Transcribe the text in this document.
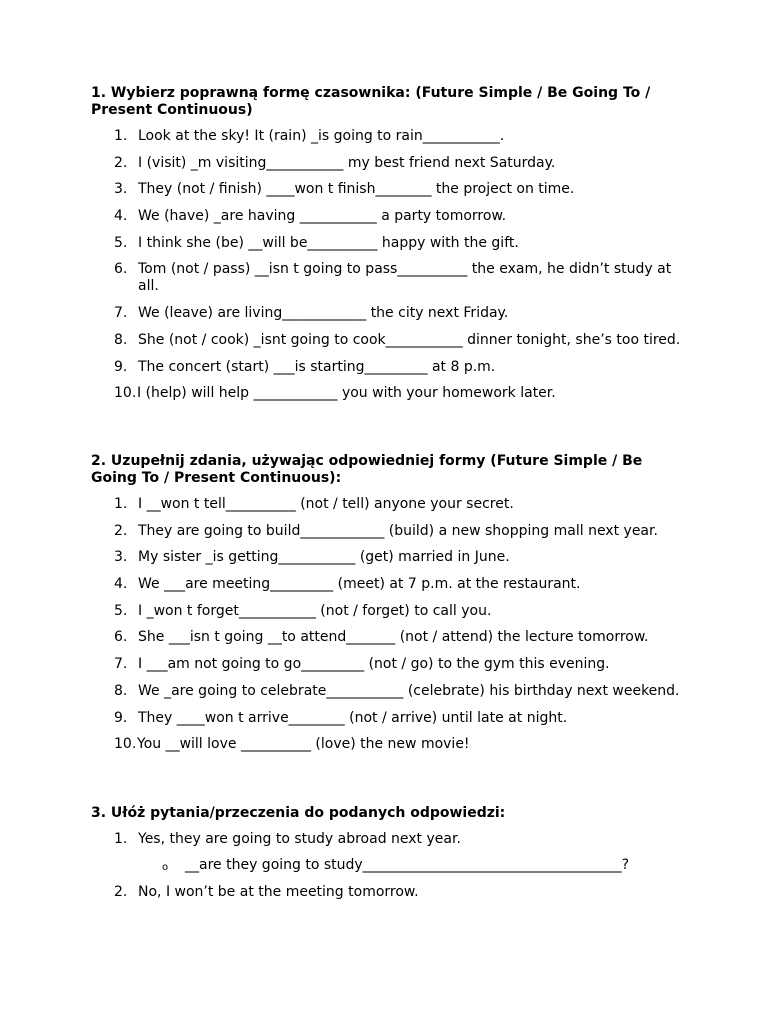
1. Wybierz poprawną formę czasownika: (Future Simple / Be Going To / Present Continuous)

1. Look at the sky! It (rain) _is going to rain___________.
2. I (visit) _m visiting___________ my best friend next Saturday.
3. They (not / finish) ____won t finish________ the project on time.
4. We (have) _are having ___________ a party tomorrow.
5. I think she (be) __will be__________ happy with the gift.
6. Tom (not / pass) __isn t going to pass__________ the exam, he didn’t study at all.
7. We (leave) are living____________ the city next Friday.
8. She (not / cook) _isnt going to cook___________ dinner tonight, she’s too tired.
9. The concert (start) ___is starting_________ at 8 p.m.
10. I (help) will help ____________ you with your homework later.

2. Uzupełnij zdania, używając odpowiedniej formy (Future Simple / Be Going To / Present Continuous):

1. I __won t tell__________ (not / tell) anyone your secret.
2. They are going to build____________ (build) a new shopping mall next year.
3. My sister _is getting___________ (get) married in June.
4. We ___are meeting_________ (meet) at 7 p.m. at the restaurant.
5. I _won t forget___________ (not / forget) to call you.
6. She ___isn t going __to attend_______ (not / attend) the lecture tomorrow.
7. I ___am not going to go_________ (not / go) to the gym this evening.
8. We _are going to celebrate___________ (celebrate) his birthday next weekend.
9. They ____won t arrive________ (not / arrive) until late at night.
10. You __will love __________ (love) the new movie!

3. Ułóż pytania/przeczenia do podanych odpowiedzi:

1. Yes, they are going to study abroad next year.
o __are they going to study_____________________________________?
2. No, I won’t be at the meeting tomorrow.
